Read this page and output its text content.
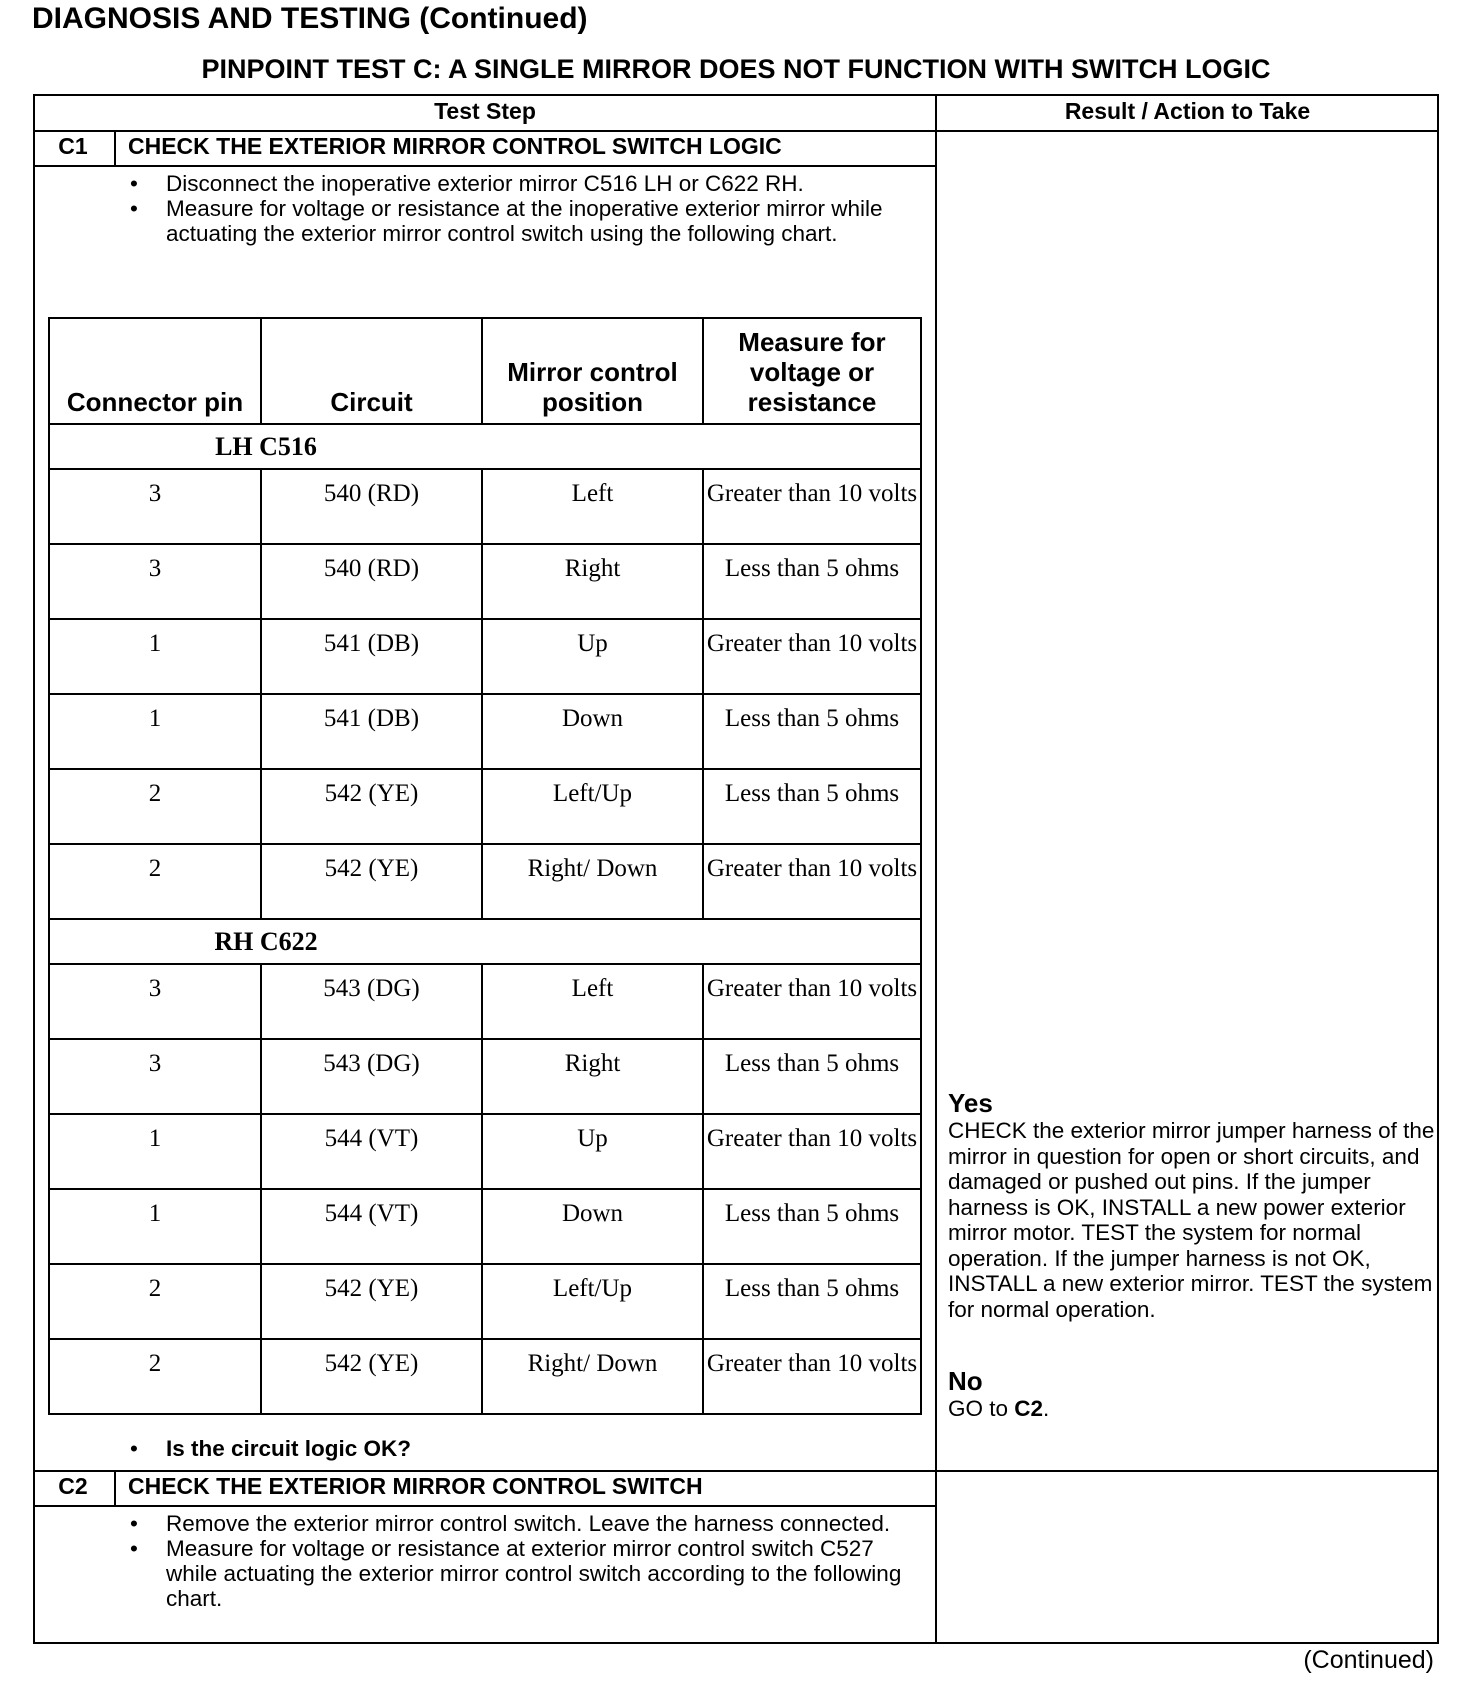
DIAGNOSIS AND TESTING (Continued)
PINPOINT TEST C: A SINGLE MIRROR DOES NOT FUNCTION WITH SWITCH LOGIC
Test Step	Result / Action to Take
C1	CHECK THE EXTERIOR MIRROR CONTROL SWITCH LOGIC
• Disconnect the inoperative exterior mirror C516 LH or C622 RH.
• Measure for voltage or resistance at the inoperative exterior mirror while actuating the exterior mirror control switch using the following chart.
Connector pin	Circuit	Mirror control position	Measure for voltage or resistance
LH C516			
3	540 (RD)	Left	Greater than 10 volts
3	540 (RD)	Right	Less than 5 ohms
1	541 (DB)	Up	Greater than 10 volts
1	541 (DB)	Down	Less than 5 ohms
2	542 (YE)	Left/Up	Less than 5 ohms
2	542 (YE)	Right/ Down	Greater than 10 volts
RH C622			
3	543 (DG)	Left	Greater than 10 volts
3	543 (DG)	Right	Less than 5 ohms
1	544 (VT)	Up	Greater than 10 volts
1	544 (VT)	Down	Less than 5 ohms
2	542 (YE)	Left/Up	Less than 5 ohms
2	542 (YE)	Right/ Down	Greater than 10 volts
• Is the circuit logic OK?
Yes
CHECK the exterior mirror jumper harness of the mirror in question for open or short circuits, and damaged or pushed out pins. If the jumper harness is OK, INSTALL a new power exterior mirror motor. TEST the system for normal operation. If the jumper harness is not OK, INSTALL a new exterior mirror. TEST the system for normal operation.
No
GO to C2.
C2	CHECK THE EXTERIOR MIRROR CONTROL SWITCH
• Remove the exterior mirror control switch. Leave the harness connected.
• Measure for voltage or resistance at exterior mirror control switch C527 while actuating the exterior mirror control switch according to the following chart.
(Continued)
